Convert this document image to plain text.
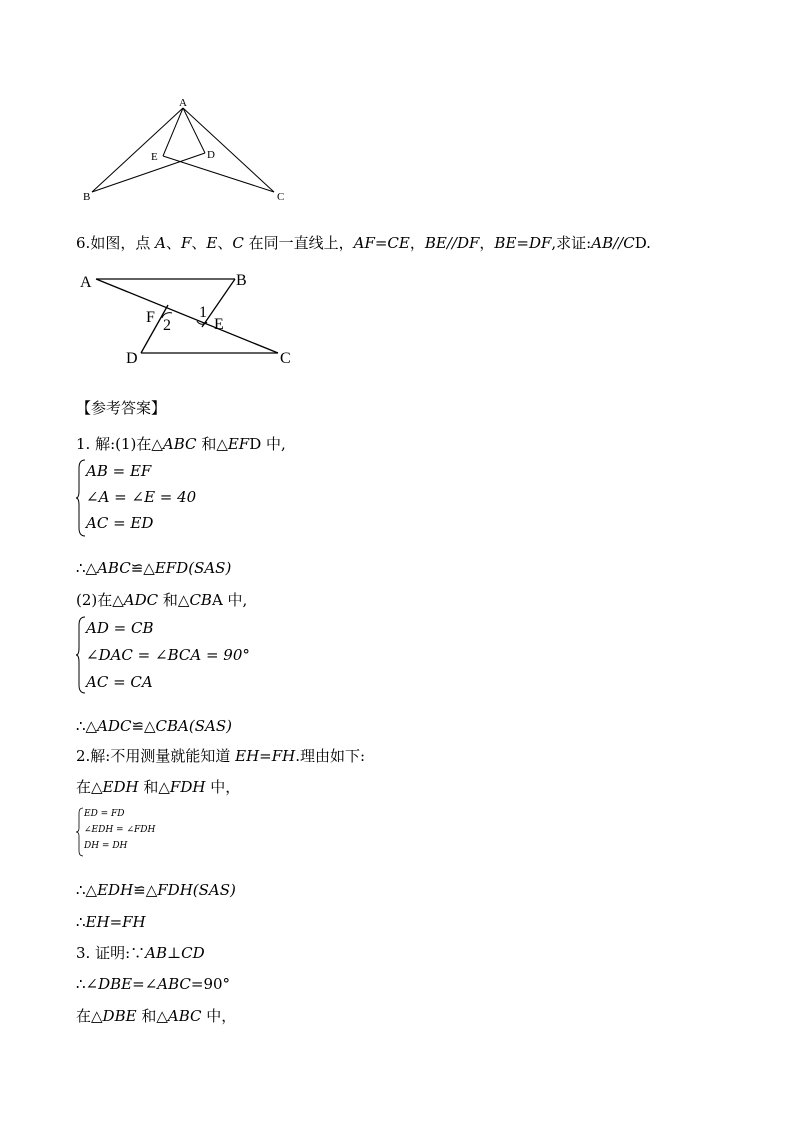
A
E	D
B	C
A	B
F 2
1
E
D	C
6.如图，点 A、F、E、C 在同一直线上，AF=CE，BE//DF，BE=DF,求证:AB//CD.
【参考答案】
1. 解:(1)在△ABC 和△EFD 中,
AB = EF
∠A = ∠E = 40
AC = ED
∴△ABC≌△EFD(SAS)
(2)在△ADC 和△CBA 中,
AD = CB
∠DAC = ∠BCA = 90°
AC = CA
∴△ADC≌△CBA(SAS)
2.解:不用测量就能知道 EH=FH.理由如下:
在△EDH 和△FDH 中，
ED = FD
∠EDH = ∠FDH
DH = DH
∴△EDH≌△FDH(SAS)
∴EH=FH
3. 证明:∵AB⊥CD
∴∠DBE=∠ABC=90°
在△DBE 和△ABC 中，
